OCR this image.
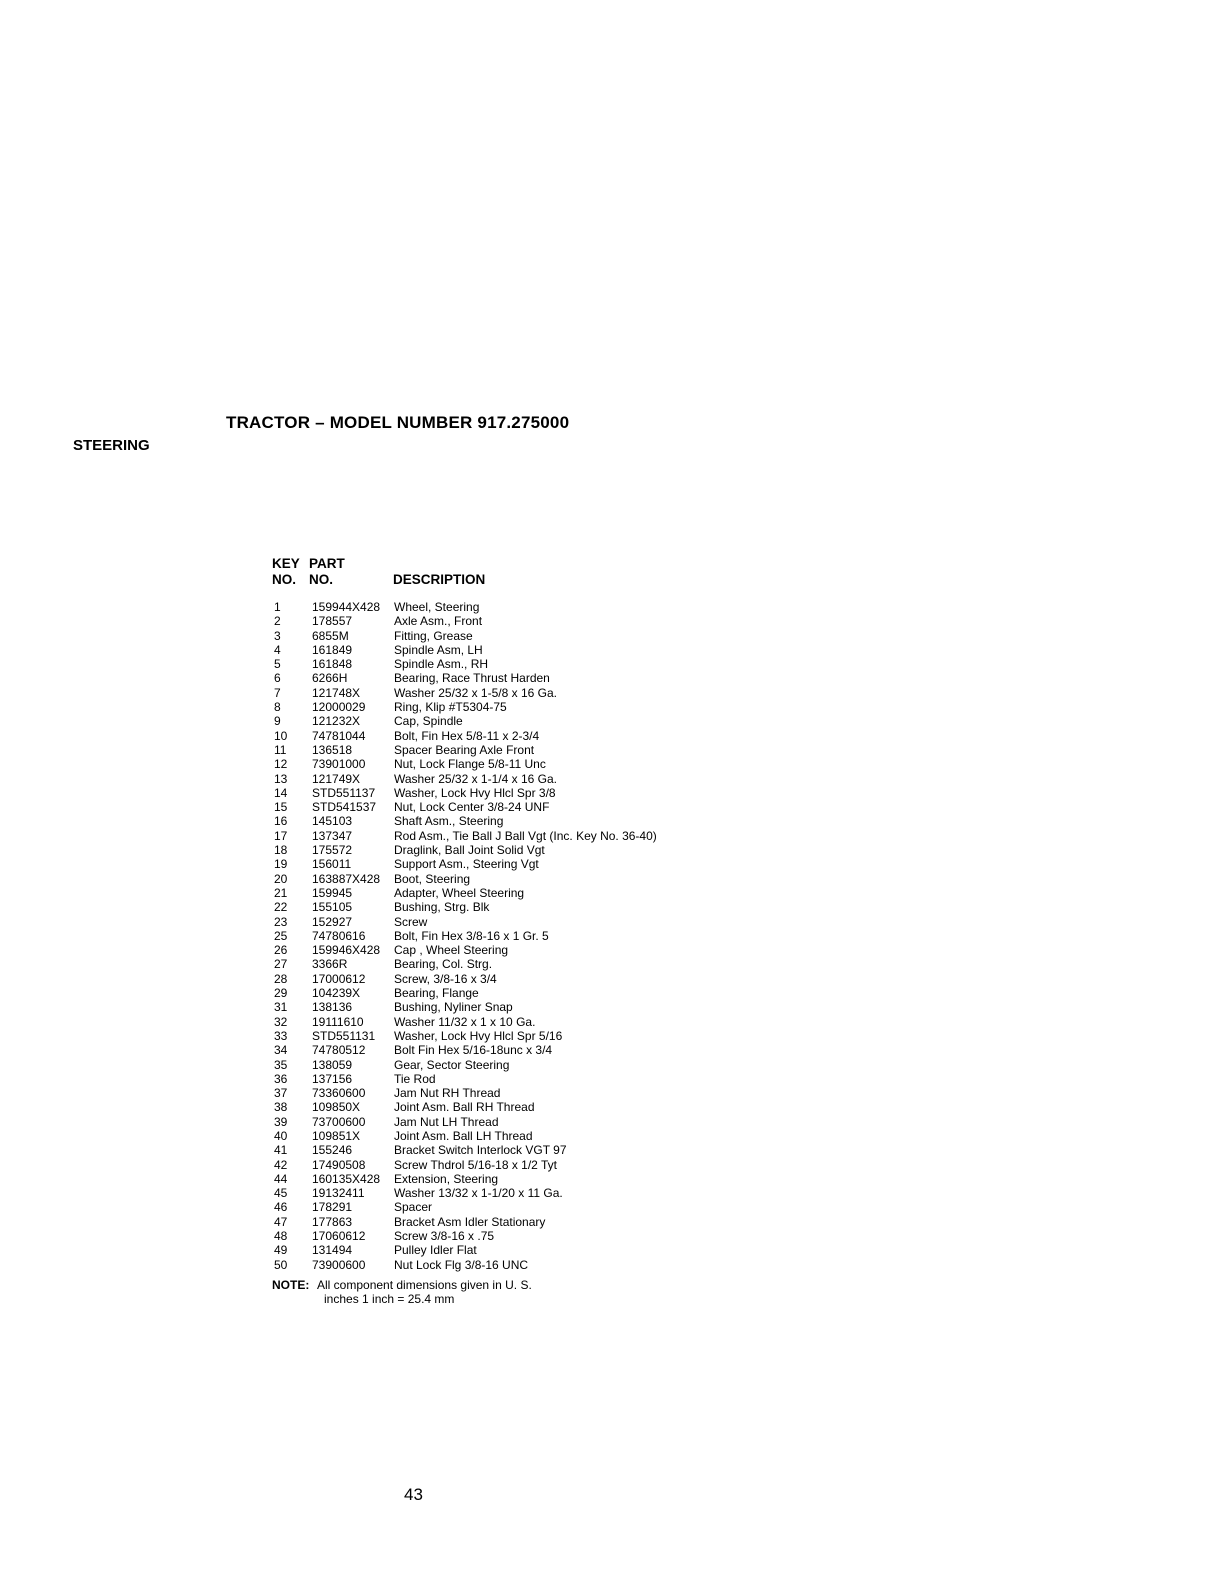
TRACTOR – MODEL NUMBER 917.275000
STEERING
KEY
NO.
PART
NO.	DESCRIPTION
1	159944X428 Wheel, Steering
2	178557	Axle Asm., Front
3	6855M	Fitting, Grease
4	161849	Spindle Asm, LH
5	161848	Spindle Asm., RH
6	6266H	Bearing, Race Thrust Harden
7	121748X	Washer 25/32 x 1-5/8 x 16 Ga.
8	12000029 Ring, Klip #T5304-75
9	121232X	Cap, Spindle
10 74781044 Bolt, Fin Hex 5/8-11 x 2-3/4
11 136518	Spacer Bearing Axle Front
12 73901000 Nut, Lock Flange 5/8-11 Unc
13 121749X	Washer 25/32 x 1-1/4 x 16 Ga.
14 STD551137 Washer, Lock Hvy Hlcl Spr 3/8
15 STD541537 Nut, Lock Center 3/8-24 UNF
16 145103	Shaft Asm., Steering
17 137347	Rod Asm., Tie Ball J Ball Vgt (Inc. Key No. 36-40)
18 175572	Draglink, Ball Joint Solid Vgt
19 156011	Support Asm., Steering Vgt
20 163887X428 Boot, Steering
21 159945	Adapter, Wheel Steering
22 155105	Bushing, Strg. Blk
23 152927	Screw
25 74780616 Bolt, Fin Hex 3/8-16 x 1 Gr. 5
26 159946X428 Cap , Wheel Steering
27 3366R	Bearing, Col. Strg.
28 17000612 Screw, 3/8-16 x 3/4
29 104239X	Bearing, Flange
31 138136	Bushing, Nyliner Snap
32 19111610	Washer 11/32 x 1 x 10 Ga.
33 STD551131 Washer, Lock Hvy Hlcl Spr 5/16
34 74780512 Bolt Fin Hex 5/16-18unc x 3/4
35 138059	Gear, Sector Steering
36 137156	Tie Rod
37 73360600 Jam Nut RH Thread
38 109850X	Joint Asm. Ball RH Thread
39 73700600 Jam Nut LH Thread
40 109851X	Joint Asm. Ball LH Thread
41 155246	Bracket Switch Interlock VGT 97
42 17490508 Screw Thdrol 5/16-18 x 1/2 Tyt
44 160135X428 Extension, Steering
45 19132411 Washer 13/32 x 1-1/20 x 11 Ga.
46 178291	Spacer
47 177863	Bracket Asm Idler Stationary
48 17060612 Screw 3/8-16 x .75
49 131494	Pulley Idler Flat
50 73900600 Nut Lock Flg 3/8-16 UNC
NOTE: All component dimensions given in U. S.
inches 1 inch = 25.4 mm
43
